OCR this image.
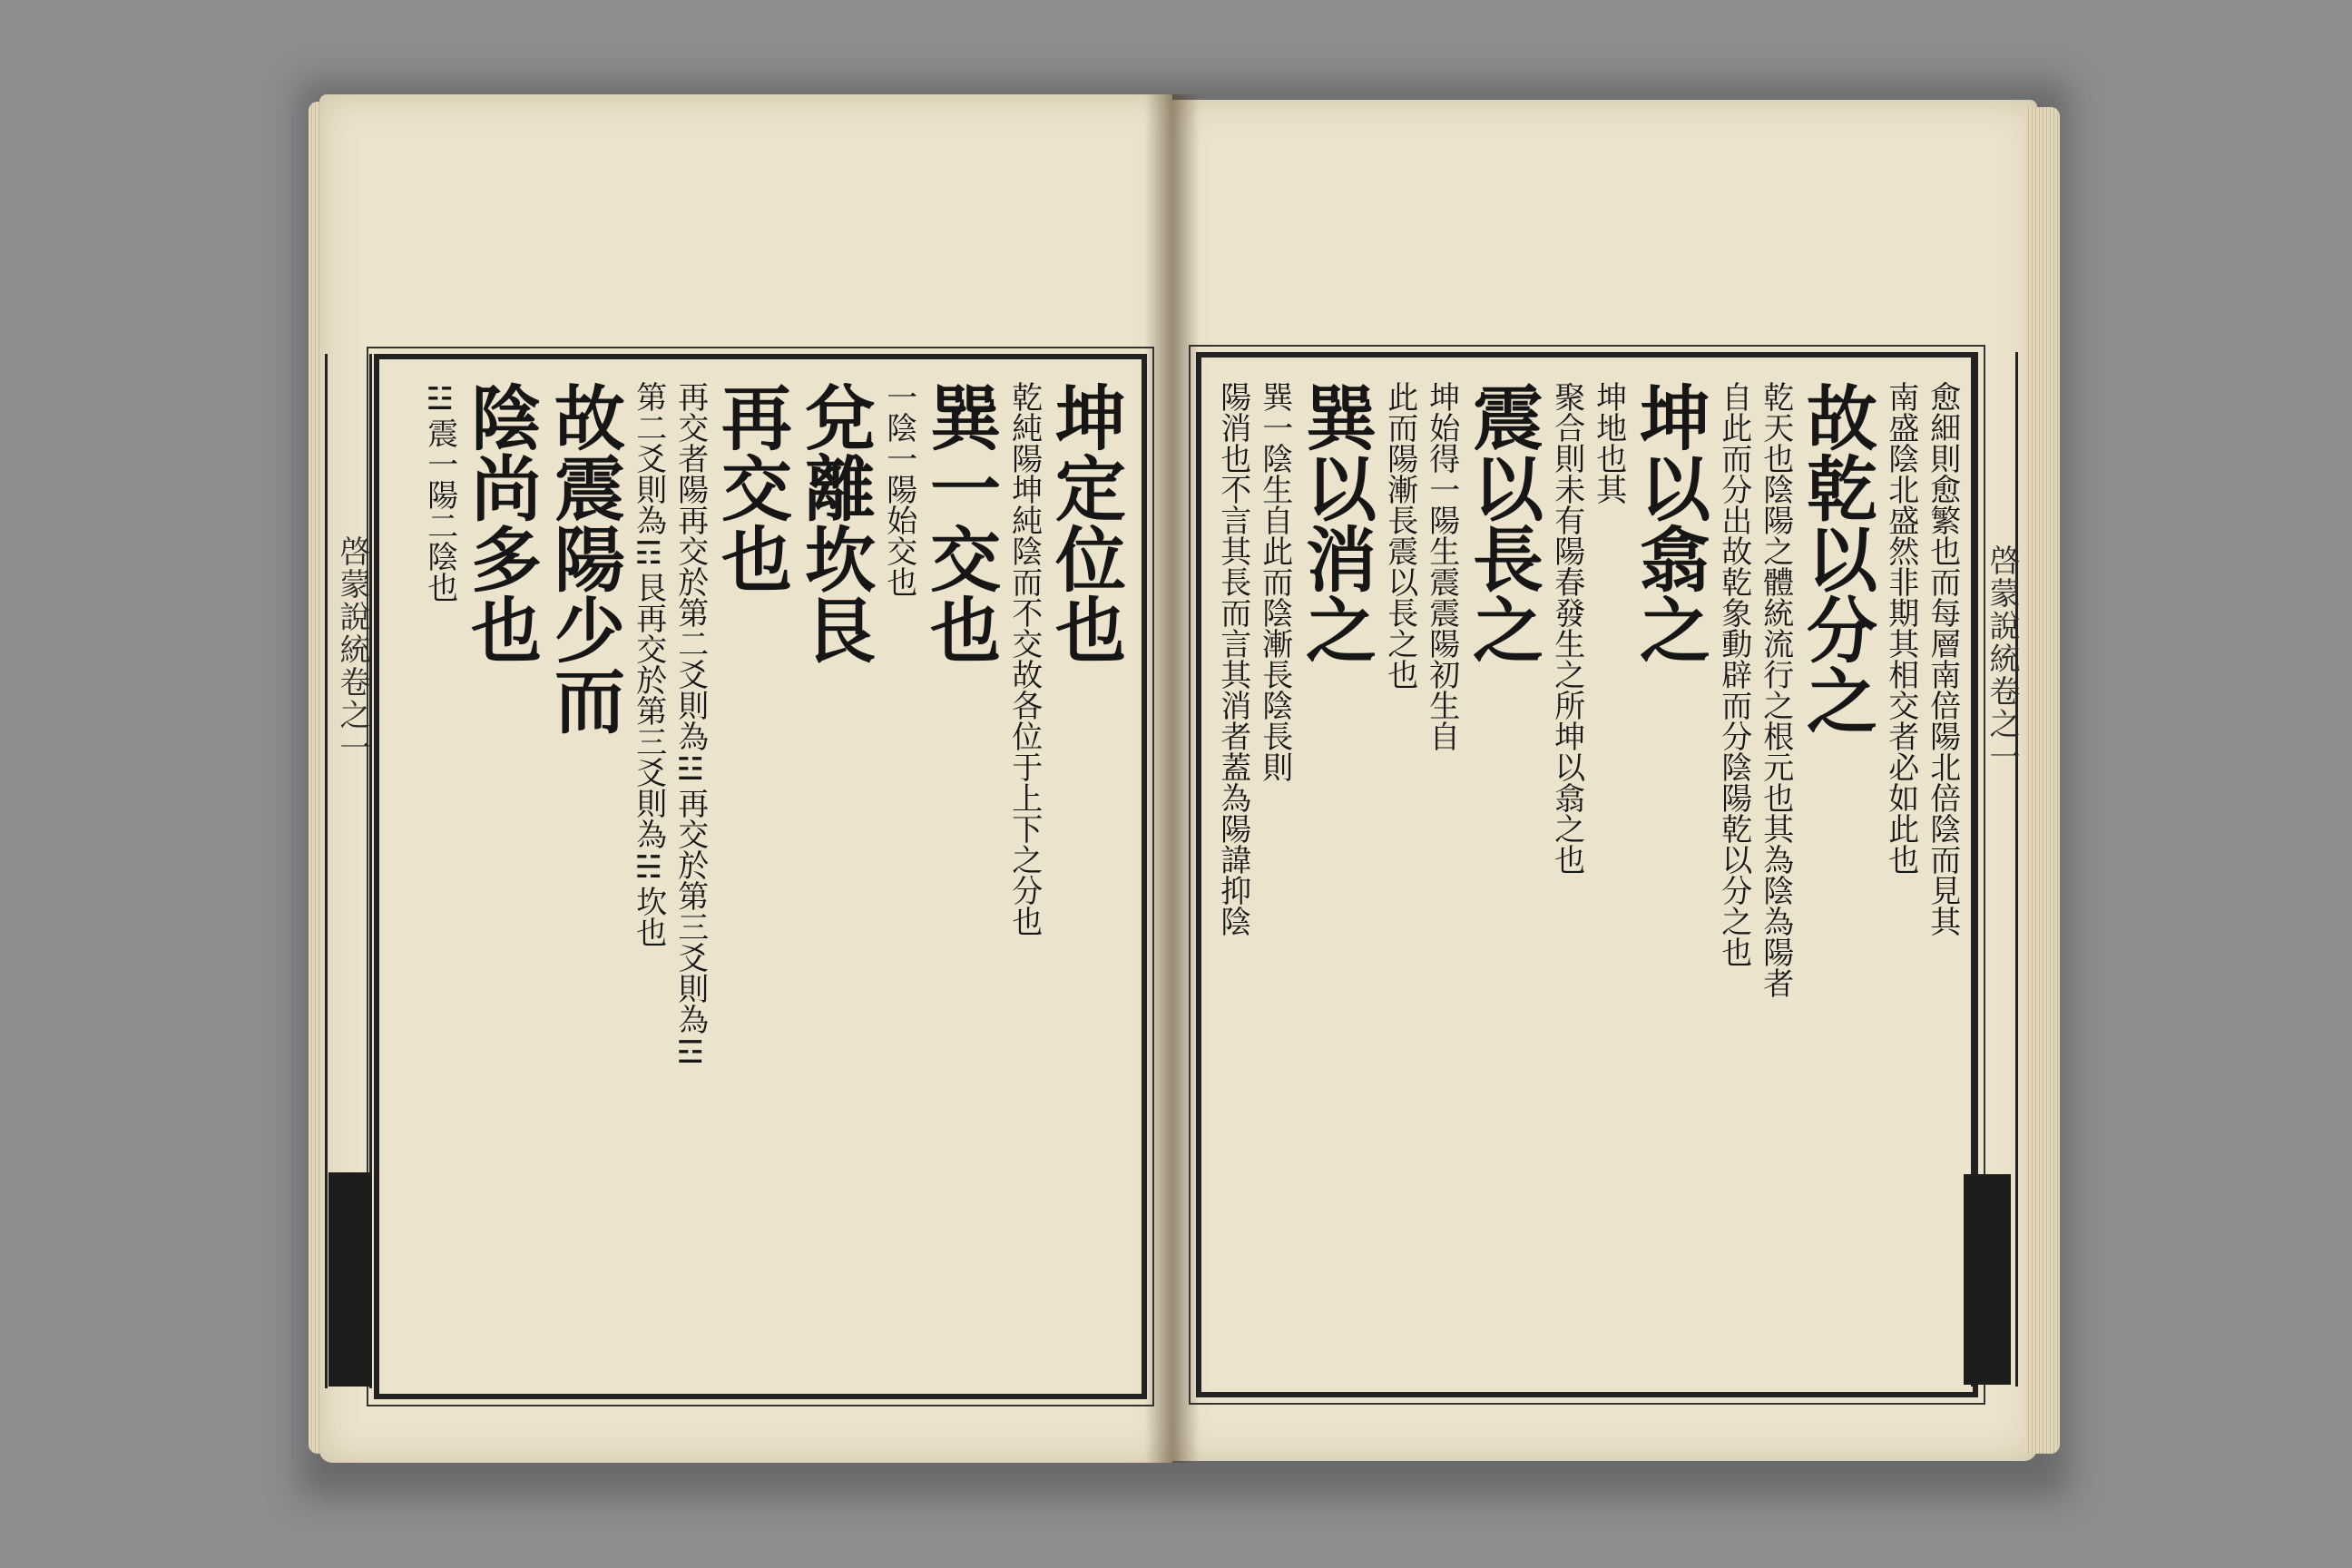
啓蒙說統卷之一	啓蒙說統卷之一
坤定位也
乾純陽坤純陰而不交故各位于上下之分也
巽一交也
一陰一陽始交也
兌離坎艮
再交也
再交者陽再交於第二爻則為☳再交於第三爻則為☲
第二爻則為☶艮再交於第三爻則為☵坎也
故震陽少而
陰尚多也
☳震一陽二陰也	愈細則愈繁也而每層南倍陽北倍陰而見其
南盛陰北盛然非期其相交者必如此也
故乾以分之
乾天也陰陽之體統流行之根元也其為陰為陽者
自此而分出故乾象動辟而分陰陽乾以分之也
坤以翕之
坤地也其
聚合則未有陽春發生之所坤以翕之也
震以長之
坤始得一陽生震震陽初生自
此而陽漸長震以長之也
巽以消之
巽一陰生自此而陰漸長陰長則
陽消也不言其長而言其消者蓋為陽諱抑陰
